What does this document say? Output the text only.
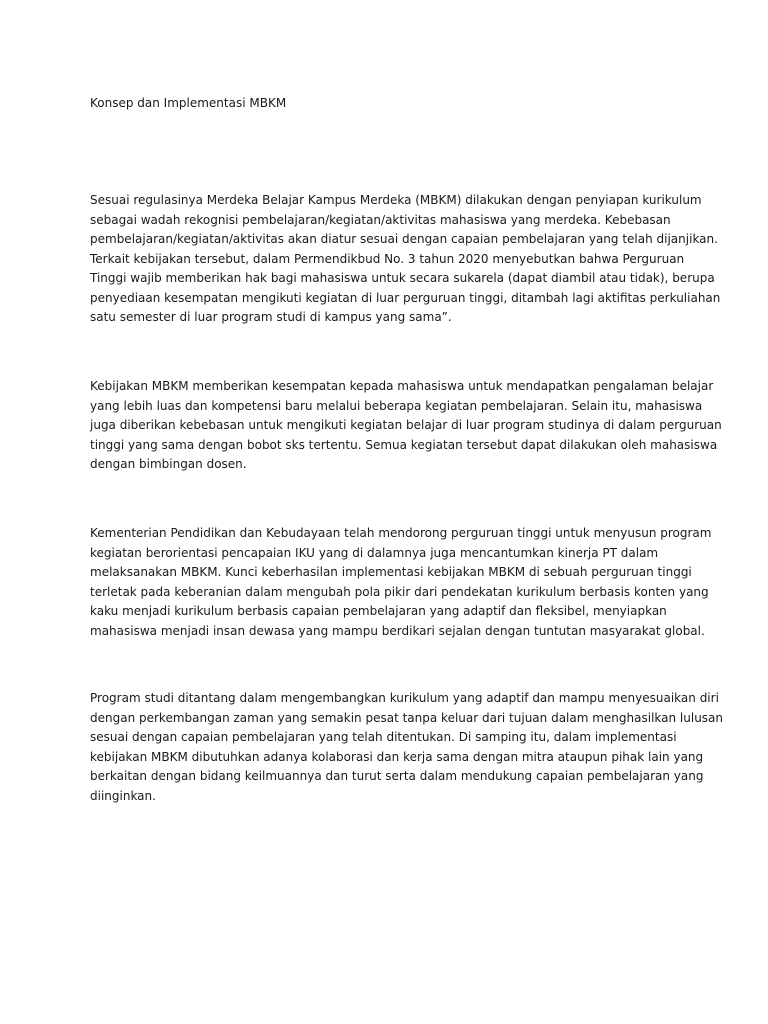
Konsep dan Implementasi MBKM

Sesuai regulasinya Merdeka Belajar Kampus Merdeka (MBKM) dilakukan dengan penyiapan kurikulum
sebagai wadah rekognisi pembelajaran/kegiatan/aktivitas mahasiswa yang merdeka. Kebebasan
pembelajaran/kegiatan/aktivitas akan diatur sesuai dengan capaian pembelajaran yang telah dijanjikan.
Terkait kebijakan tersebut, dalam Permendikbud No. 3 tahun 2020 menyebutkan bahwa Perguruan
Tinggi wajib memberikan hak bagi mahasiswa untuk secara sukarela (dapat diambil atau tidak), berupa
penyediaan kesempatan mengikuti kegiatan di luar perguruan tinggi, ditambah lagi aktifitas perkuliahan
satu semester di luar program studi di kampus yang sama”.

Kebijakan MBKM memberikan kesempatan kepada mahasiswa untuk mendapatkan pengalaman belajar
yang lebih luas dan kompetensi baru melalui beberapa kegiatan pembelajaran. Selain itu, mahasiswa
juga diberikan kebebasan untuk mengikuti kegiatan belajar di luar program studinya di dalam perguruan
tinggi yang sama dengan bobot sks tertentu. Semua kegiatan tersebut dapat dilakukan oleh mahasiswa
dengan bimbingan dosen.

Kementerian Pendidikan dan Kebudayaan telah mendorong perguruan tinggi untuk menyusun program
kegiatan berorientasi pencapaian IKU yang di dalamnya juga mencantumkan kinerja PT dalam
melaksanakan MBKM. Kunci keberhasilan implementasi kebijakan MBKM di sebuah perguruan tinggi
terletak pada keberanian dalam mengubah pola pikir dari pendekatan kurikulum berbasis konten yang
kaku menjadi kurikulum berbasis capaian pembelajaran yang adaptif dan fleksibel, menyiapkan
mahasiswa menjadi insan dewasa yang mampu berdikari sejalan dengan tuntutan masyarakat global.

Program studi ditantang dalam mengembangkan kurikulum yang adaptif dan mampu menyesuaikan diri
dengan perkembangan zaman yang semakin pesat tanpa keluar dari tujuan dalam menghasilkan lulusan
sesuai dengan capaian pembelajaran yang telah ditentukan. Di samping itu, dalam implementasi
kebijakan MBKM dibutuhkan adanya kolaborasi dan kerja sama dengan mitra ataupun pihak lain yang
berkaitan dengan bidang keilmuannya dan turut serta dalam mendukung capaian pembelajaran yang
diinginkan.
